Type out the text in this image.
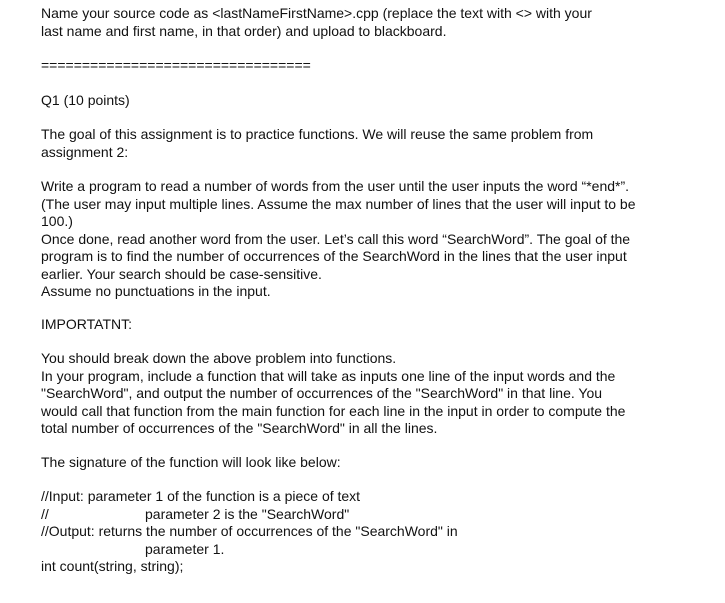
Name your source code as <lastNameFirstName>.cpp (replace the text with <> with your
last name and first name, in that order) and upload to blackboard.
=================================
Q1 (10 points)
The goal of this assignment is to practice functions. We will reuse the same problem from
assignment 2:
Write a program to read a number of words from the user until the user inputs the word “*end*”.
(The user may input multiple lines. Assume the max number of lines that the user will input to be
100.)
Once done, read another word from the user. Let’s call this word “SearchWord”. The goal of the
program is to find the number of occurrences of the SearchWord in the lines that the user input
earlier. Your search should be case-sensitive.
Assume no punctuations in the input.
IMPORTATNT:
You should break down the above problem into functions.
In your program, include a function that will take as inputs one line of the input words and the
"SearchWord", and output the number of occurrences of the "SearchWord" in that line. You
would call that function from the main function for each line in the input in order to compute the
total number of occurrences of the "SearchWord" in all the lines.
The signature of the function will look like below:
//Input: parameter 1 of the function is a piece of text
//	parameter 2 is the "SearchWord"
//Output: returns the number of occurrences of the "SearchWord" in
parameter 1.
int count(string, string);
